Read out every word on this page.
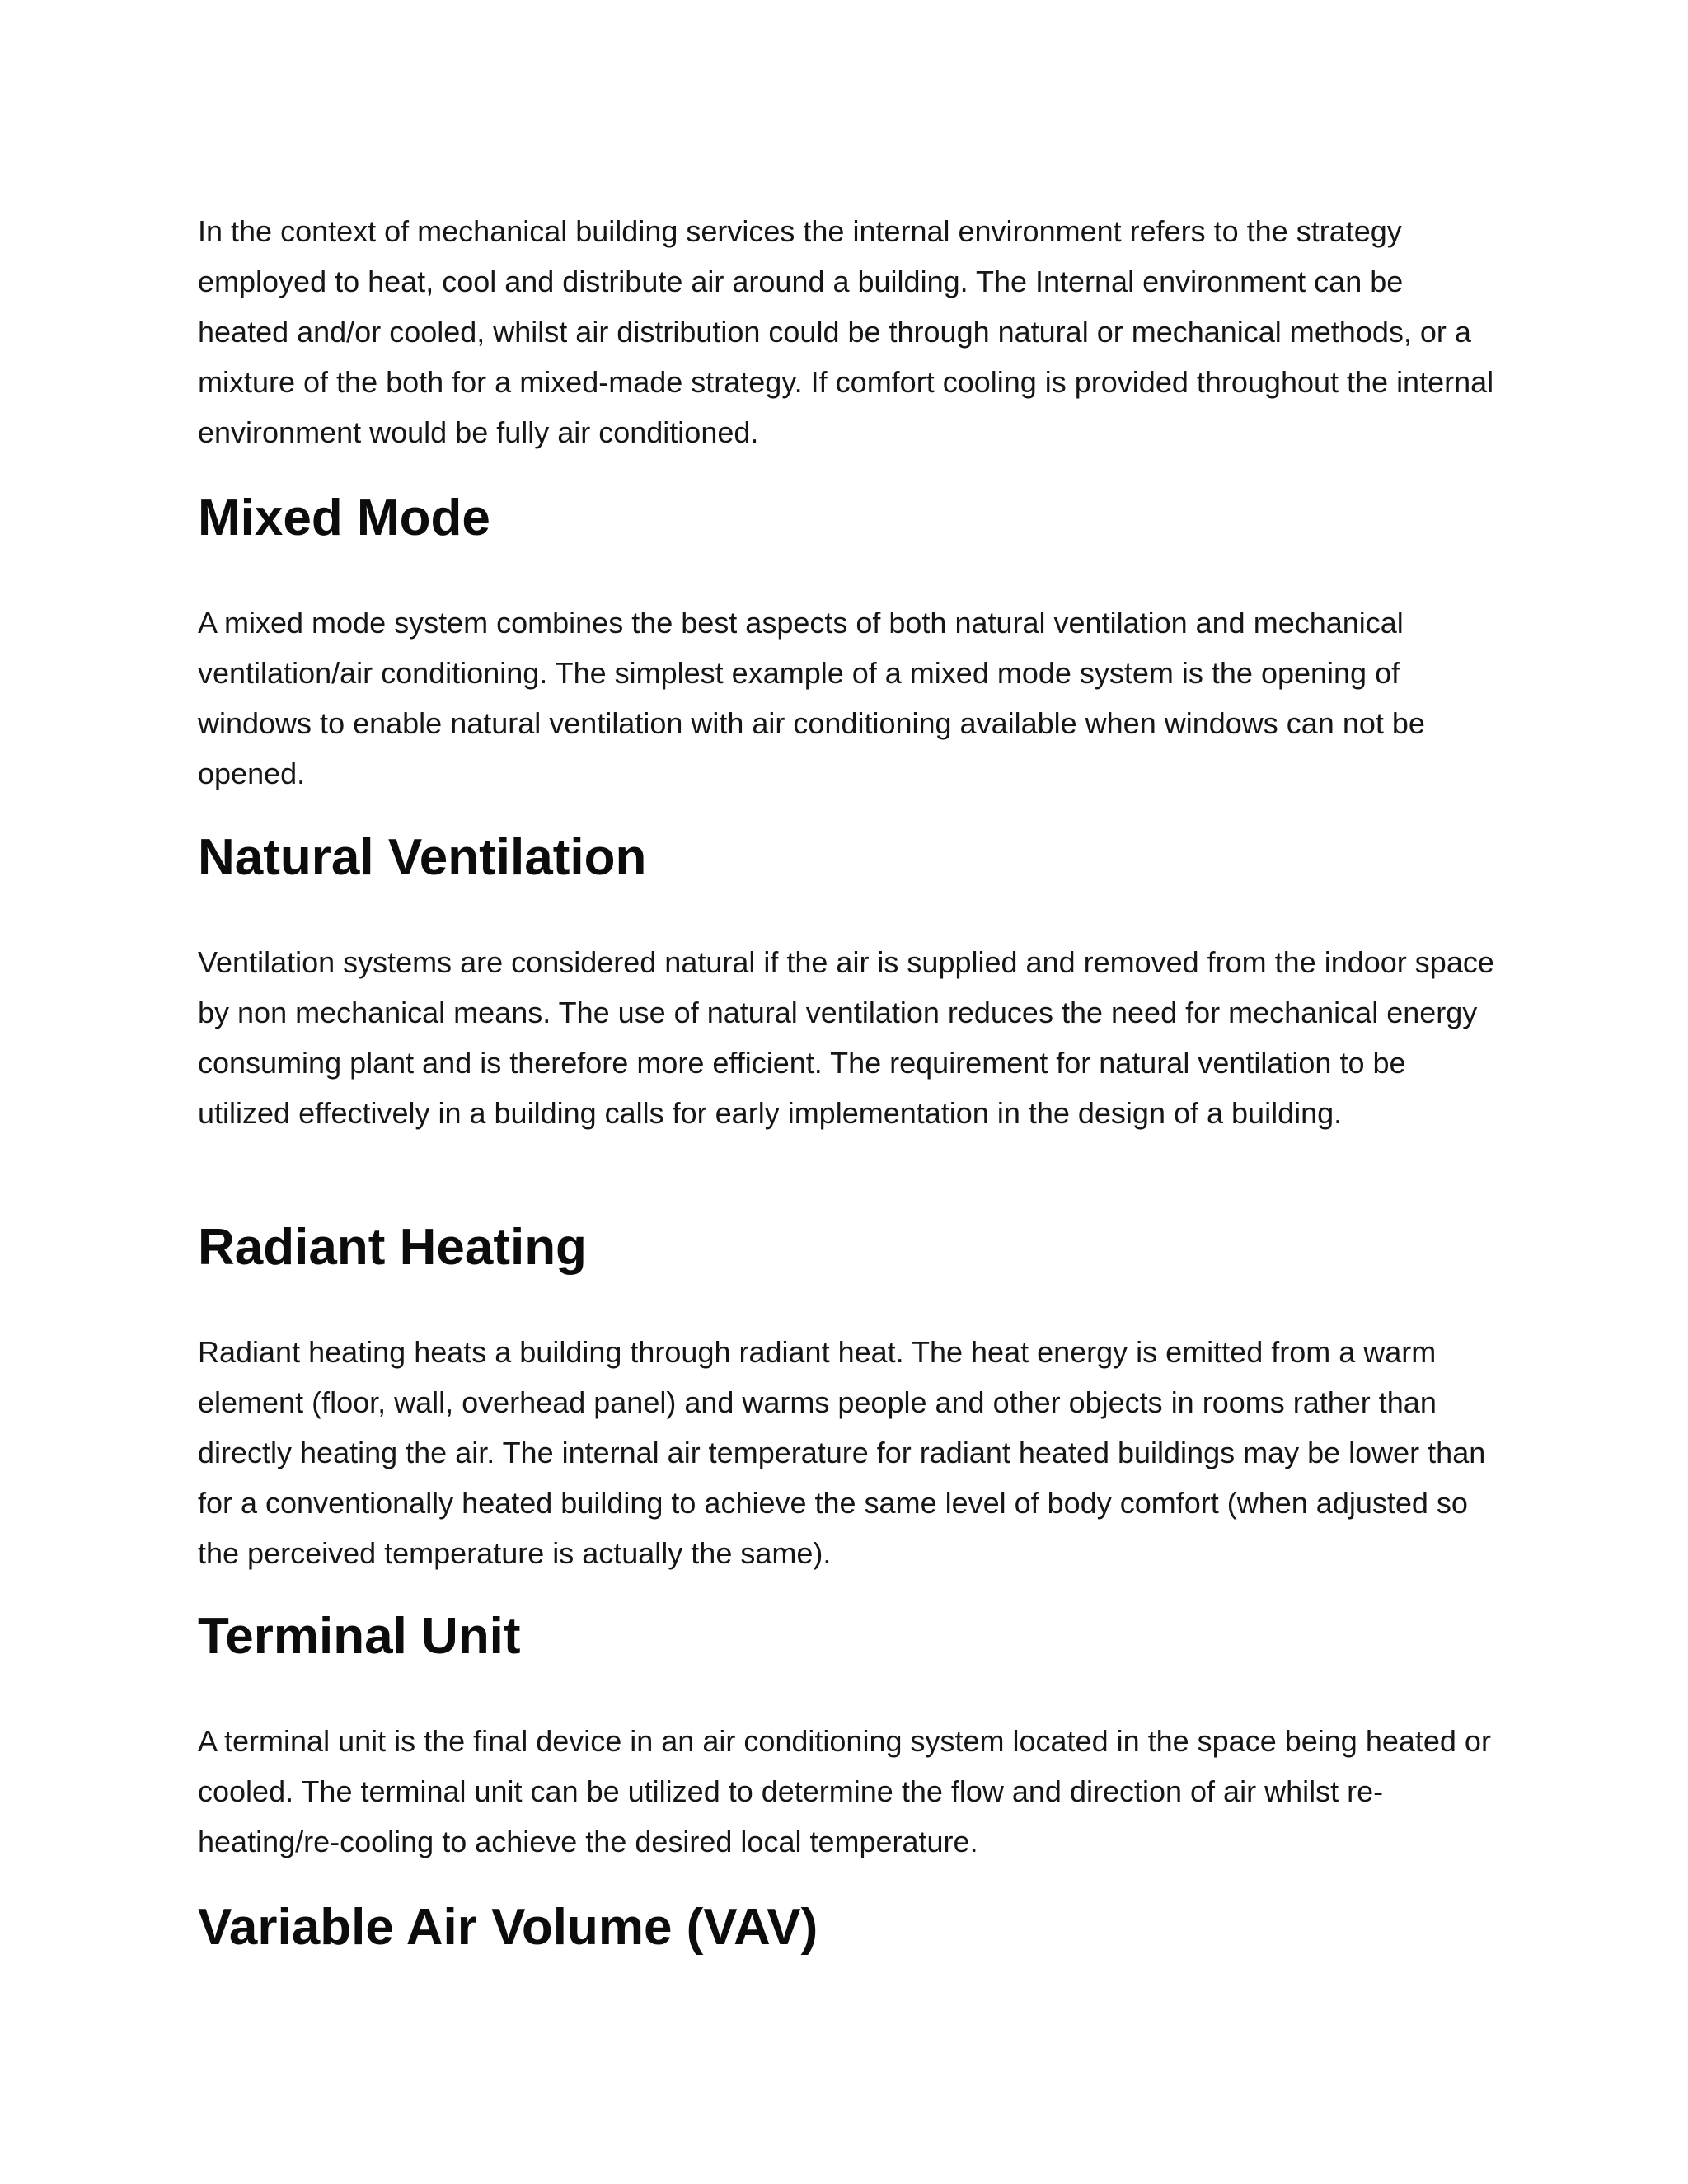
In the context of mechanical building services the internal environment refers to the strategy employed to heat, cool and distribute air around a building. The Internal environment can be heated and/or cooled, whilst air distribution could be through natural or mechanical methods, or a mixture of the both for a mixed-made strategy. If comfort cooling is provided throughout the internal environment would be fully air conditioned.

Mixed Mode

A mixed mode system combines the best aspects of both natural ventilation and mechanical ventilation/air conditioning. The simplest example of a mixed mode system is the opening of windows to enable natural ventilation with air conditioning available when windows can not be opened.

Natural Ventilation

Ventilation systems are considered natural if the air is supplied and removed from the indoor space by non mechanical means. The use of natural ventilation reduces the need for mechanical energy consuming plant and is therefore more efficient. The requirement for natural ventilation to be utilized effectively in a building calls for early implementation in the design of a building.

Radiant Heating

Radiant heating heats a building through radiant heat. The heat energy is emitted from a warm element (floor, wall, overhead panel) and warms people and other objects in rooms rather than directly heating the air. The internal air temperature for radiant heated buildings may be lower than for a conventionally heated building to achieve the same level of body comfort (when adjusted so the perceived temperature is actually the same).

Terminal Unit

A terminal unit is the final device in an air conditioning system located in the space being heated or cooled. The terminal unit can be utilized to determine the flow and direction of air whilst re-heating/re-cooling to achieve the desired local temperature.

Variable Air Volume (VAV)
